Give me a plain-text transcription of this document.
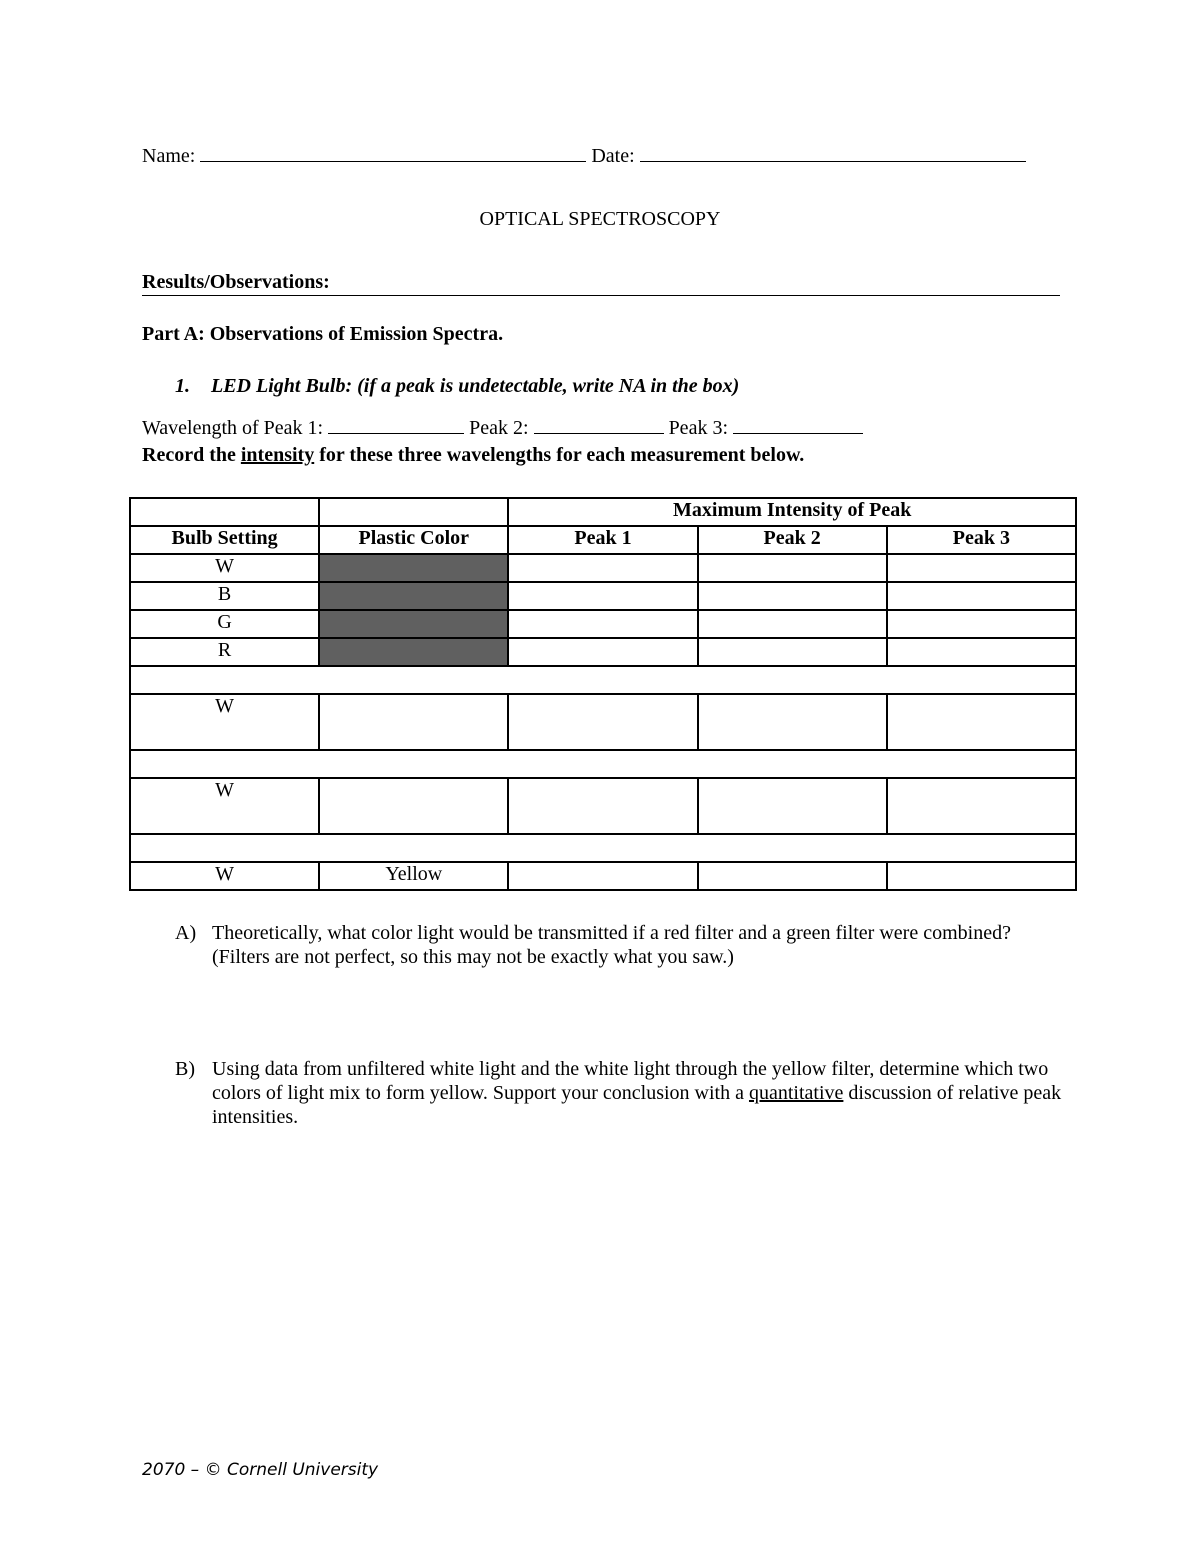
Name:	Date:
OPTICAL SPECTROSCOPY
Results/Observations:
Part A: Observations of Emission Spectra.
1. LED Light Bulb: (if a peak is undetectable, write NA in the box)
Wavelength of Peak 1:	Peak 2:	Peak 3:
Record the intensity for these three wavelengths for each measurement below.
		Maximum Intensity of Peak		
Bulb Setting	Plastic Color	Peak 1	Peak 2	Peak 3
W				
B				
G				
R				

W				

W				

W	Yellow			
A) Theoretically, what color light would be transmitted if a red filter and a green filter were combined? (Filters are not perfect, so this may not be exactly what you saw.)
B) Using data from unfiltered white light and the white light through the yellow filter, determine which two colors of light mix to form yellow. Support your conclusion with a quantitative discussion of relative peak intensities.
2070 – © Cornell University
